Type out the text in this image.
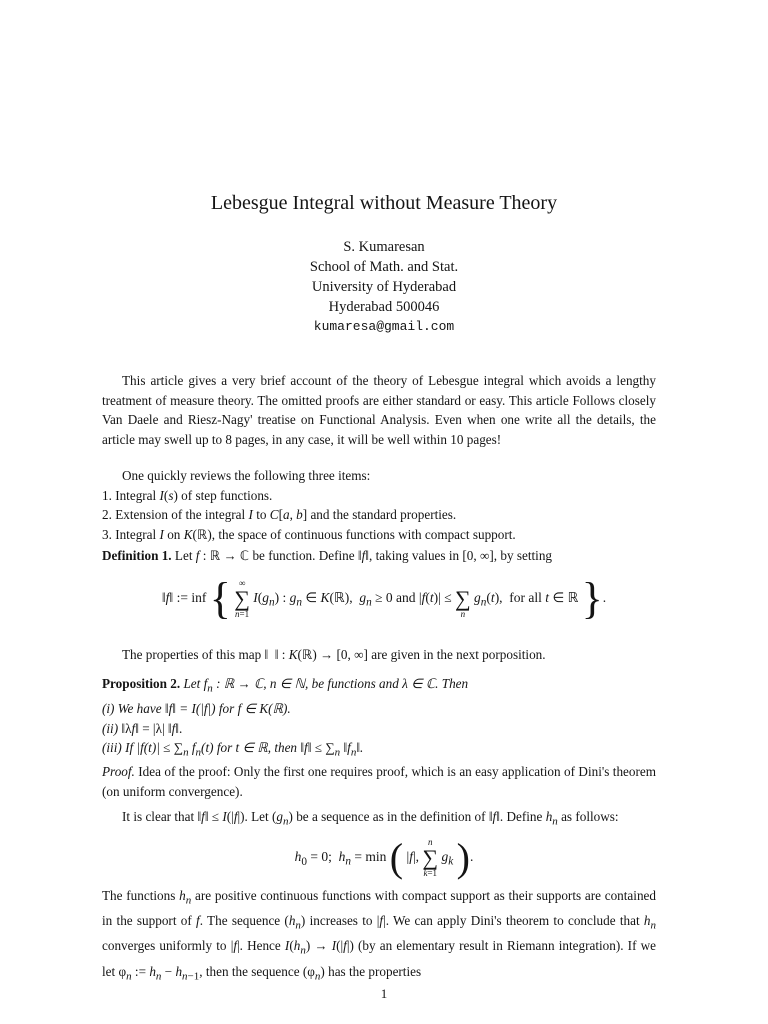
Lebesgue Integral without Measure Theory
S. Kumaresan
School of Math. and Stat.
University of Hyderabad
Hyderabad 500046
kumaresa@gmail.com
This article gives a very brief account of the theory of Lebesgue integral which avoids a lengthy treatment of measure theory. The omitted proofs are either standard or easy. This article Follows closely Van Daele and Riesz-Nagy' treatise on Functional Analysis. Even when one write all the details, the article may swell up to 8 pages, in any case, it will be well within 10 pages!

One quickly reviews the following three items:

1. Integral I(s) of step functions.

2. Extension of the integral I to C[a, b] and the standard properties.

3. Integral I on K(ℝ), the space of continuous functions with compact support.

Definition 1. Let f : ℝ → ℂ be function. Define ‖f‖, taking values in [0, ∞], by setting

‖f‖ := inf { ∞
∑
n=1
$I(g_n)$ : $g_n$ ∈ K(ℝ),  $g_n \ge 0$ and |f(t)| ≤
∑
n
$g_n(t)$,  for all t ∈ ℝ }.
The properties of this map ‖  ‖ : K(ℝ) → [0, ∞] are given in the next porposition.

Proposition 2. Let $f_n$ : ℝ → ℂ, n ∈ ℕ, be functions and λ ∈ ℂ. Then

(i) We have ‖f‖ = I(|f|) for f ∈ K(ℝ).

(ii) ‖λf‖ = |λ| ‖f‖.

(iii) If $|f(t)| \le \sum_n$ $f_n(t)$ for t ∈ ℝ, then ‖f‖ ≤ $\sum_n$ $‖f_n‖$.

Proof. Idea of the proof: Only the first one requires proof, which is an easy application of Dini's theorem (on uniform convergence).
It is clear that ‖f‖ ≤ I(|f|). Let $(g_n)$ be a sequence as in the definition of ‖f‖. Define $h_n$ as follows:
$h_0 = 0$;  $h_n = \min$ ( |f|,
n
∑
k=1
$g_k$ ).
The functions $h_n$ are positive continuous functions with compact support as their supports are contained in the support of f. The sequence $(h_n)$ increases to |f|. We can apply Dini's theorem to conclude that $h_n$ converges uniformly to |f|. Hence $I(h_n) \to I(|f|)$ (by an elementary result in Riemann integration). If we let $\varphi_n$ := $h_n - h_{n-1}$, then the sequence $(\varphi_n)$ has the properties
1
